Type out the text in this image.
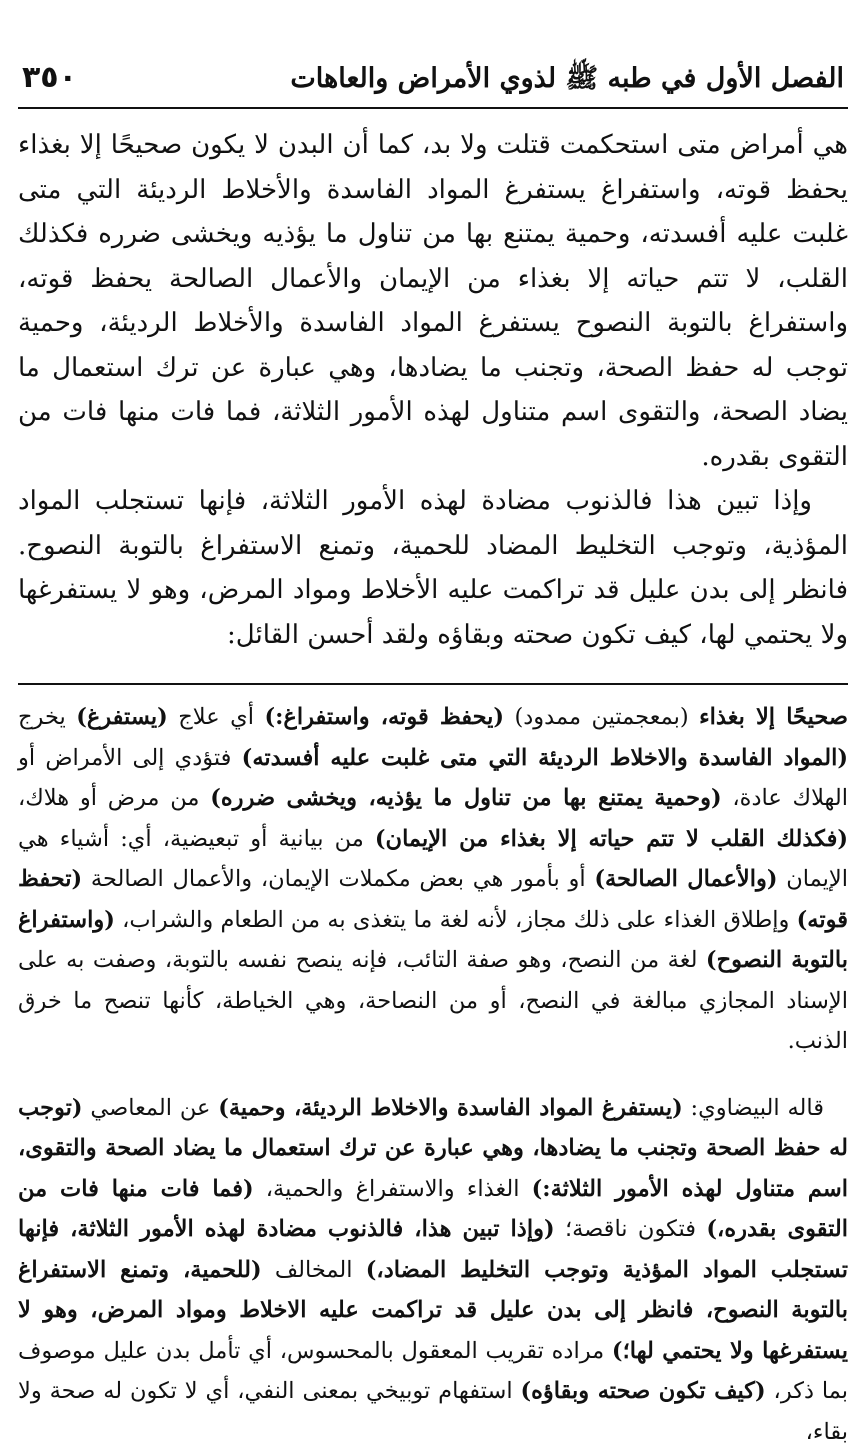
الفصل الأول في طبه ﷺ لذوي الأمراض والعاهات
٣٥٠

هي أمراض متى استحكمت قتلت ولا بد، كما أن البدن لا يكون صحيحًا إلا بغذاء يحفظ قوته، واستفراغ يستفرغ المواد الفاسدة والأخلاط الرديئة التي متى غلبت عليه أفسدته، وحمية يمتنع بها من تناول ما يؤذيه ويخشى ضرره فكذلك القلب، لا تتم حياته إلا بغذاء من الإيمان والأعمال الصالحة يحفظ قوته، واستفراغ بالتوبة النصوح يستفرغ المواد الفاسدة والأخلاط الرديئة، وحمية توجب له حفظ الصحة، وتجنب ما يضادها، وهي عبارة عن ترك استعمال ما يضاد الصحة، والتقوى اسم متناول لهذه الأمور الثلاثة، فما فات منها فات من التقوى بقدره.

وإذا تبين هذا فالذنوب مضادة لهذه الأمور الثلاثة، فإنها تستجلب المواد المؤذية، وتوجب التخليط المضاد للحمية، وتمنع الاستفراغ بالتوبة النصوح. فانظر إلى بدن عليل قد تراكمت عليه الأخلاط ومواد المرض، وهو لا يستفرغها ولا يحتمي لها، كيف تكون صحته وبقاؤه ولقد أحسن القائل:

صحيحًا إلا بغذاء (بمعجمتين ممدود) (يحفظ قوته، واستفراغ:) أي علاج (يستفرغ) يخرج (المواد الفاسدة والاخلاط الرديئة التي متى غلبت عليه أفسدته) فتؤدي إلى الأمراض أو الهلاك عادة، (وحمية يمتنع بها من تناول ما يؤذيه، ويخشى ضرره) من مرض أو هلاك، (فكذلك القلب لا تتم حياته إلا بغذاء من الإيمان) من بيانية أو تبعيضية، أي: أشياء هي الإيمان (والأعمال الصالحة) أو بأمور هي بعض مكملات الإيمان، والأعمال الصالحة (تحفظ قوته) وإطلاق الغذاء على ذلك مجاز، لأنه لغة ما يتغذى به من الطعام والشراب، (واستفراغ بالتوبة النصوح) لغة من النصح، وهو صفة التائب، فإنه ينصح نفسه بالتوبة، وصفت به على الإسناد المجازي مبالغة في النصح، أو من النصاحة، وهي الخياطة، كأنها تنصح ما خرق الذنب.

قاله البيضاوي: (يستفرغ المواد الفاسدة والاخلاط الرديئة، وحمية) عن المعاصي (توجب له حفظ الصحة وتجنب ما يضادها، وهي عبارة عن ترك استعمال ما يضاد الصحة والتقوى، اسم متناول لهذه الأمور الثلاثة:) الغذاء والاستفراغ والحمية، (فما فات منها فات من التقوى بقدره،) فتكون ناقصة؛ (وإذا تبين هذا، فالذنوب مضادة لهذه الأمور الثلاثة، فإنها تستجلب المواد المؤذية وتوجب التخليط المضاد،) المخالف (للحمية، وتمنع الاستفراغ بالتوبة النصوح، فانظر إلى بدن عليل قد تراكمت عليه الاخلاط ومواد المرض، وهو لا يستفرغها ولا يحتمي لها؛) مراده تقريب المعقول بالمحسوس، أي تأمل بدن عليل موصوف بما ذكر، (كيف تكون صحته وبقاؤه) استفهام توبيخي بمعنى النفي، أي لا تكون له صحة ولا بقاء،
